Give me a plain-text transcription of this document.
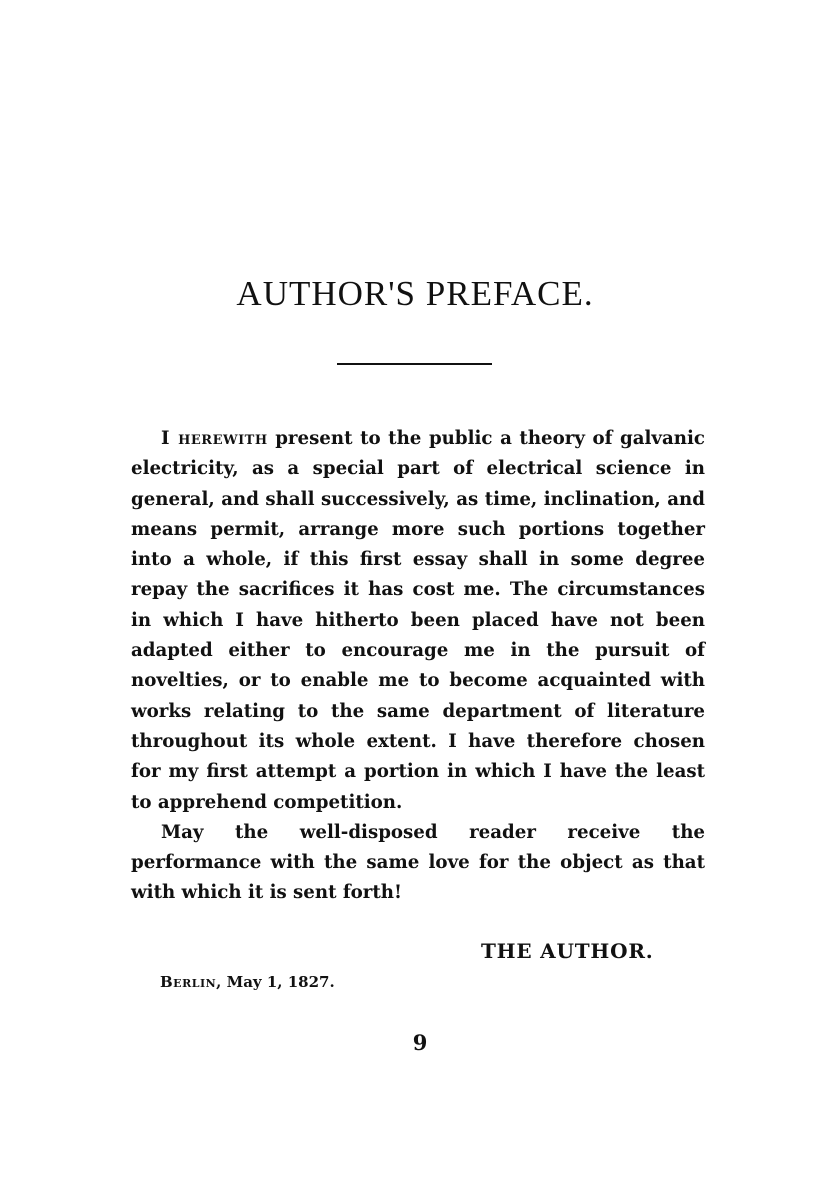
AUTHOR'S PREFACE.

I herewith present to the public a theory of galvanic electricity, as a special part of electrical science in general, and shall successively, as time, inclination, and means permit, arrange more such portions together into a whole, if this first essay shall in some degree repay the sacrifices it has cost me. The circumstances in which I have hitherto been placed have not been adapted either to encourage me in the pursuit of novelties, or to enable me to become acquainted with works relating to the same department of literature throughout its whole extent. I have therefore chosen for my first attempt a portion in which I have the least to apprehend competition.

May the well-disposed reader receive the performance with the same love for the object as that with which it is sent forth!

THE AUTHOR.
Berlin, May 1, 1827.
9
